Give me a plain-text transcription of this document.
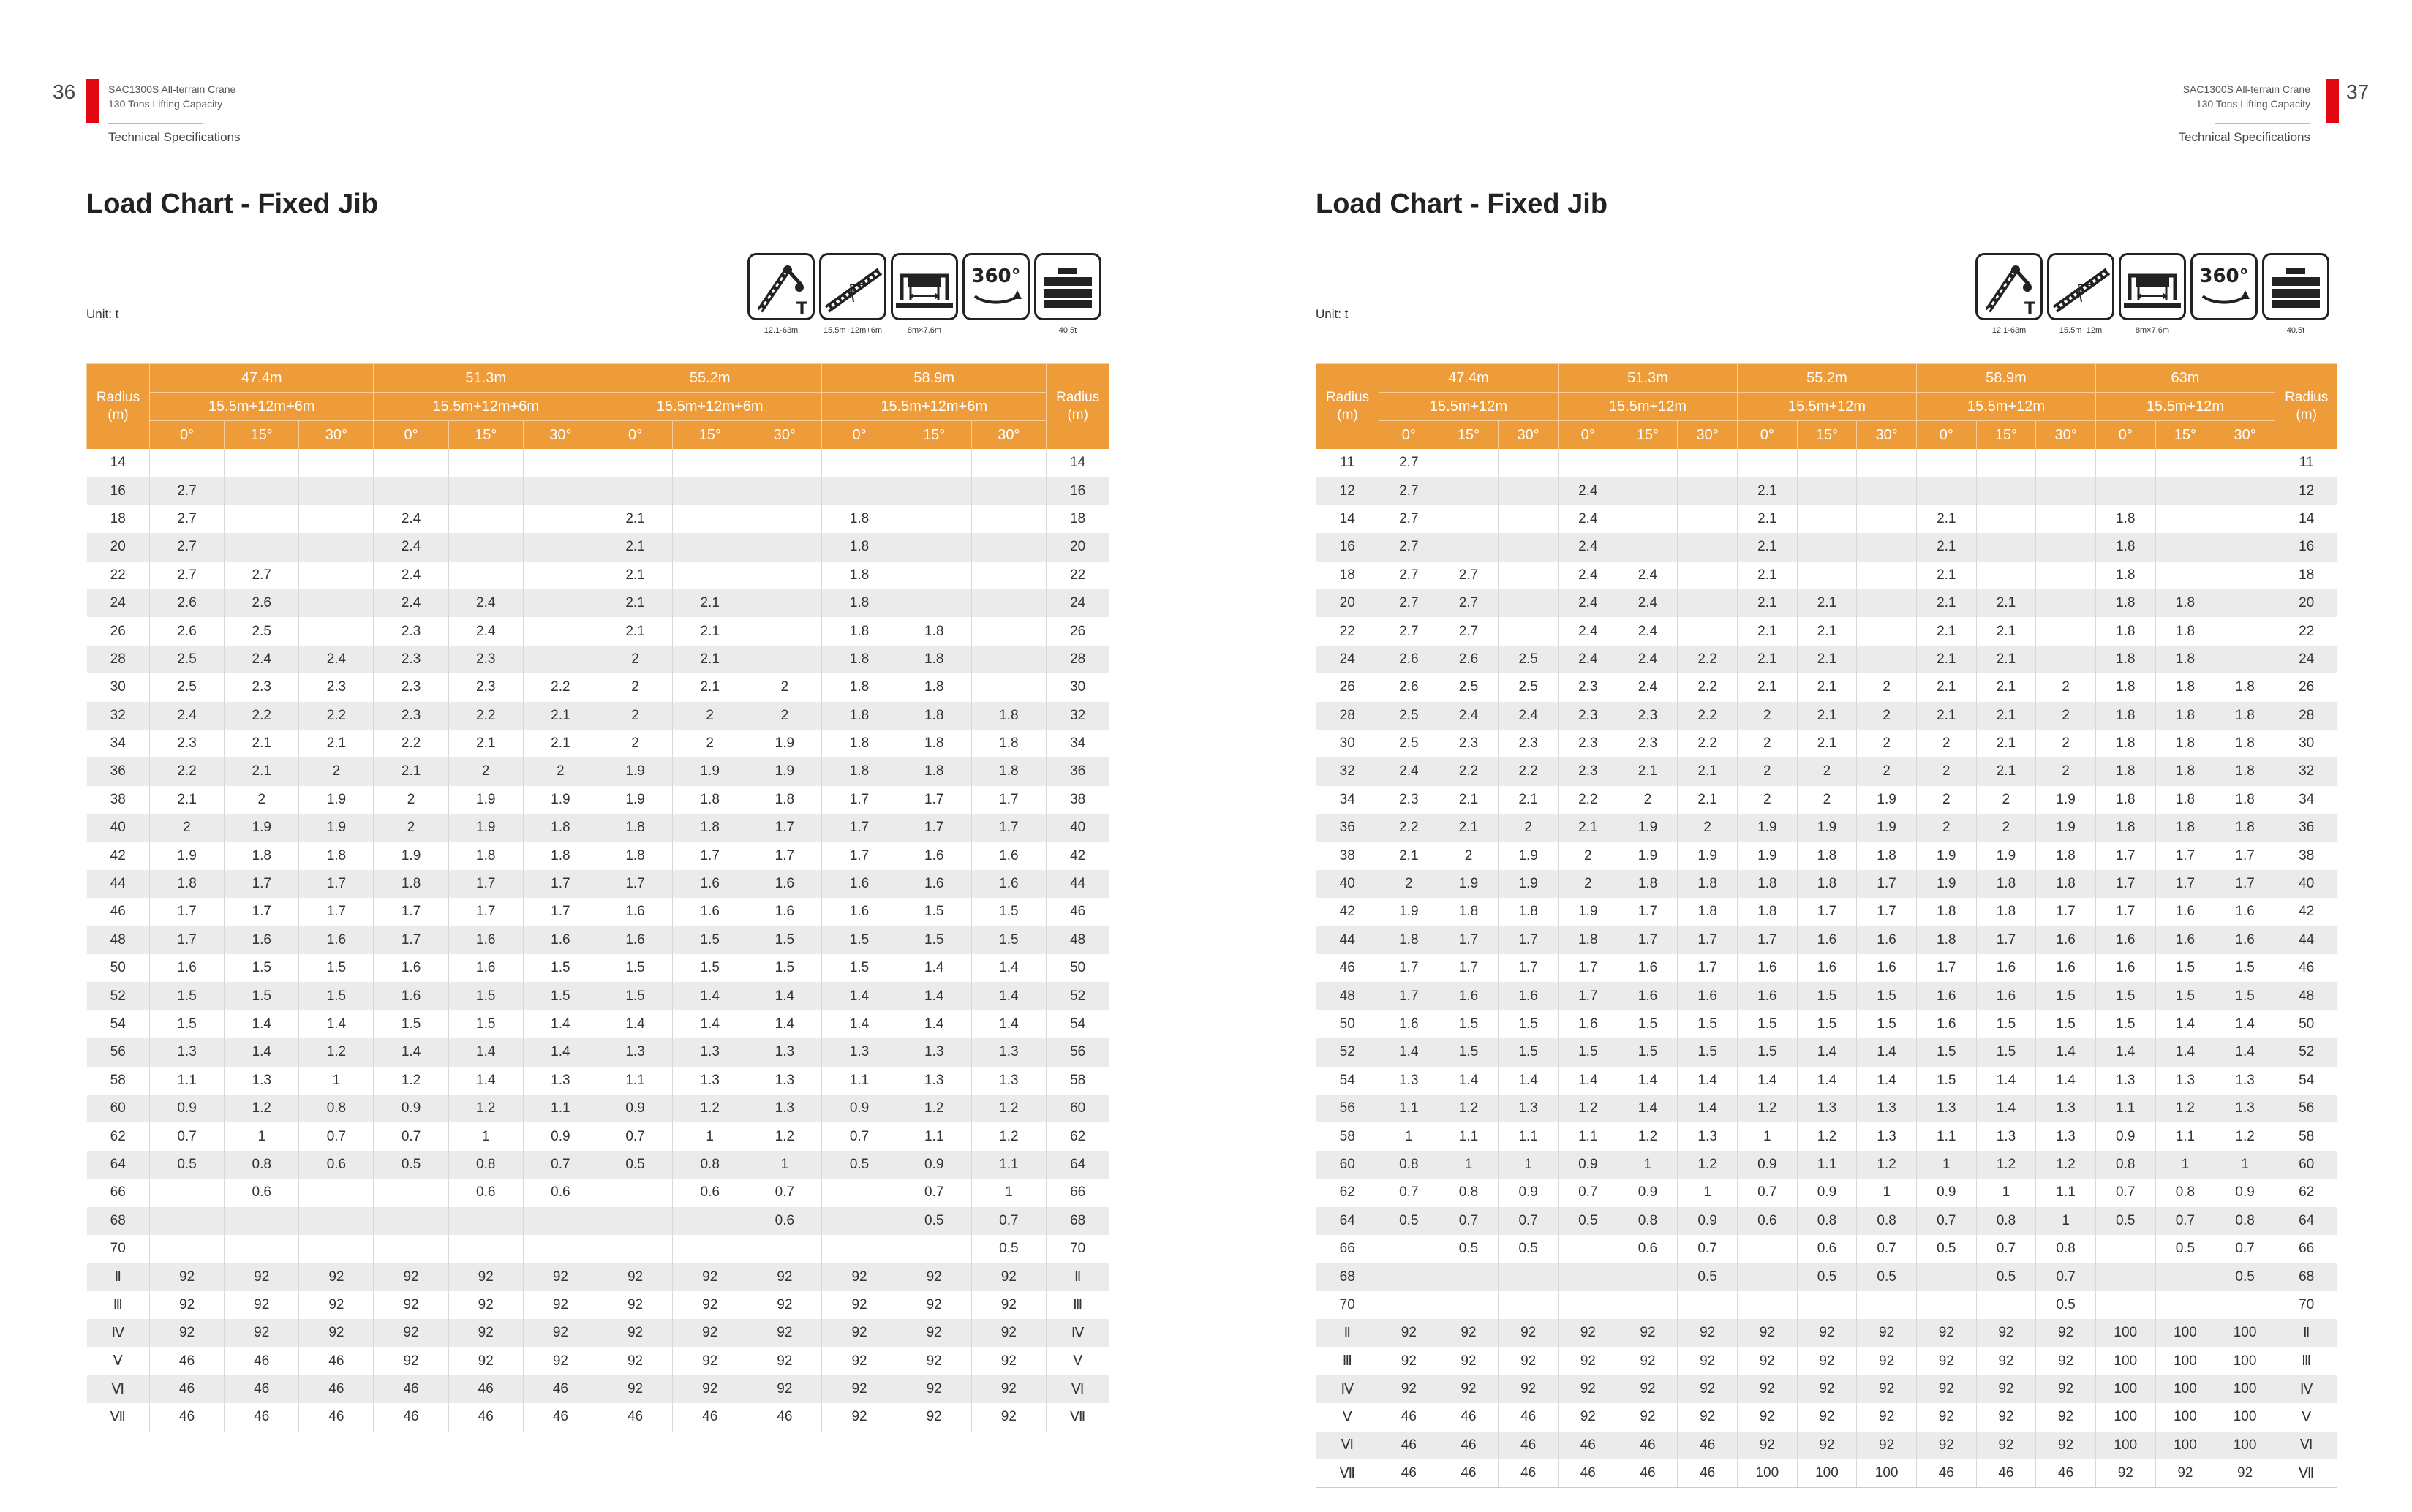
36	SAC1300S All-terrain Crane
130 Tons Lifting Capacity
Technical Specifications
Load Chart - Fixed Jib
Unit: t	T
12.1-63m	15.5m+12m+6m	8m×7.6m
360°
40.5t
Radius (m)	47.4m			51.3m			55.2m			58.9m			Radius (m)
	15.5m+12m+6m			15.5m+12m+6m			15.5m+12m+6m			15.5m+12m+6m			
	0°	15°	30°	0°	15°	30°	0°	15°	30°	0°	15°	30°	
14													14
16	2.7												16
18	2.7			2.4			2.1			1.8			18
20	2.7			2.4			2.1			1.8			20
22	2.7	2.7		2.4			2.1			1.8			22
24	2.6	2.6		2.4	2.4		2.1	2.1		1.8			24
26	2.6	2.5		2.3	2.4		2.1	2.1		1.8	1.8		26
28	2.5	2.4	2.4	2.3	2.3		2	2.1		1.8	1.8		28
30	2.5	2.3	2.3	2.3	2.3	2.2	2	2.1	2	1.8	1.8		30
32	2.4	2.2	2.2	2.3	2.2	2.1	2	2	2	1.8	1.8	1.8	32
34	2.3	2.1	2.1	2.2	2.1	2.1	2	2	1.9	1.8	1.8	1.8	34
36	2.2	2.1	2	2.1	2	2	1.9	1.9	1.9	1.8	1.8	1.8	36
38	2.1	2	1.9	2	1.9	1.9	1.9	1.8	1.8	1.7	1.7	1.7	38
40	2	1.9	1.9	2	1.9	1.8	1.8	1.8	1.7	1.7	1.7	1.7	40
42	1.9	1.8	1.8	1.9	1.8	1.8	1.8	1.7	1.7	1.7	1.6	1.6	42
44	1.8	1.7	1.7	1.8	1.7	1.7	1.7	1.6	1.6	1.6	1.6	1.6	44
46	1.7	1.7	1.7	1.7	1.7	1.7	1.6	1.6	1.6	1.6	1.5	1.5	46
48	1.7	1.6	1.6	1.7	1.6	1.6	1.6	1.5	1.5	1.5	1.5	1.5	48
50	1.6	1.5	1.5	1.6	1.6	1.5	1.5	1.5	1.5	1.5	1.4	1.4	50
52	1.5	1.5	1.5	1.6	1.5	1.5	1.5	1.4	1.4	1.4	1.4	1.4	52
54	1.5	1.4	1.4	1.5	1.5	1.4	1.4	1.4	1.4	1.4	1.4	1.4	54
56	1.3	1.4	1.2	1.4	1.4	1.4	1.3	1.3	1.3	1.3	1.3	1.3	56
58	1.1	1.3	1	1.2	1.4	1.3	1.1	1.3	1.3	1.1	1.3	1.3	58
60	0.9	1.2	0.8	0.9	1.2	1.1	0.9	1.2	1.3	0.9	1.2	1.2	60
62	0.7	1	0.7	0.7	1	0.9	0.7	1	1.2	0.7	1.1	1.2	62
64	0.5	0.8	0.6	0.5	0.8	0.7	0.5	0.8	1	0.5	0.9	1.1	64
66		0.6			0.6	0.6		0.6	0.7		0.7	1	66
68									0.6		0.5	0.7	68
70												0.5	70
Ⅱ	92	92	92	92	92	92	92	92	92	92	92	92	Ⅱ
Ⅲ	92	92	92	92	92	92	92	92	92	92	92	92	Ⅲ
Ⅳ	92	92	92	92	92	92	92	92	92	92	92	92	Ⅳ
Ⅴ	46	46	46	92	92	92	92	92	92	92	92	92	Ⅴ
Ⅵ	46	46	46	46	46	46	92	92	92	92	92	92	Ⅵ
Ⅶ	46	46	46	46	46	46	46	46	46	92	92	92	Ⅶ
37
SAC1300S All-terrain Crane
130 Tons Lifting Capacity
Technical Specifications
Load Chart - Fixed Jib
Unit: t	T
12.1-63m	15.5m+12m	8m×7.6m
360°
40.5t
Radius (m)	47.4m			51.3m			55.2m			58.9m			63m			Radius (m)
	15.5m+12m			15.5m+12m			15.5m+12m			15.5m+12m			15.5m+12m			
	0°	15°	30°	0°	15°	30°	0°	15°	30°	0°	15°	30°	0°	15°	30°	
11	2.7															11
12	2.7			2.4			2.1									12
14	2.7			2.4			2.1			2.1			1.8			14
16	2.7			2.4			2.1			2.1			1.8			16
18	2.7	2.7		2.4	2.4		2.1			2.1			1.8			18
20	2.7	2.7		2.4	2.4		2.1	2.1		2.1	2.1		1.8	1.8		20
22	2.7	2.7		2.4	2.4		2.1	2.1		2.1	2.1		1.8	1.8		22
24	2.6	2.6	2.5	2.4	2.4	2.2	2.1	2.1		2.1	2.1		1.8	1.8		24
26	2.6	2.5	2.5	2.3	2.4	2.2	2.1	2.1	2	2.1	2.1	2	1.8	1.8	1.8	26
28	2.5	2.4	2.4	2.3	2.3	2.2	2	2.1	2	2.1	2.1	2	1.8	1.8	1.8	28
30	2.5	2.3	2.3	2.3	2.3	2.2	2	2.1	2	2	2.1	2	1.8	1.8	1.8	30
32	2.4	2.2	2.2	2.3	2.1	2.1	2	2	2	2	2.1	2	1.8	1.8	1.8	32
34	2.3	2.1	2.1	2.2	2	2.1	2	2	1.9	2	2	1.9	1.8	1.8	1.8	34
36	2.2	2.1	2	2.1	1.9	2	1.9	1.9	1.9	2	2	1.9	1.8	1.8	1.8	36
38	2.1	2	1.9	2	1.9	1.9	1.9	1.8	1.8	1.9	1.9	1.8	1.7	1.7	1.7	38
40	2	1.9	1.9	2	1.8	1.8	1.8	1.8	1.7	1.9	1.8	1.8	1.7	1.7	1.7	40
42	1.9	1.8	1.8	1.9	1.7	1.8	1.8	1.7	1.7	1.8	1.8	1.7	1.7	1.6	1.6	42
44	1.8	1.7	1.7	1.8	1.7	1.7	1.7	1.6	1.6	1.8	1.7	1.6	1.6	1.6	1.6	44
46	1.7	1.7	1.7	1.7	1.6	1.7	1.6	1.6	1.6	1.7	1.6	1.6	1.6	1.5	1.5	46
48	1.7	1.6	1.6	1.7	1.6	1.6	1.6	1.5	1.5	1.6	1.6	1.5	1.5	1.5	1.5	48
50	1.6	1.5	1.5	1.6	1.5	1.5	1.5	1.5	1.5	1.6	1.5	1.5	1.5	1.4	1.4	50
52	1.4	1.5	1.5	1.5	1.5	1.5	1.5	1.4	1.4	1.5	1.5	1.4	1.4	1.4	1.4	52
54	1.3	1.4	1.4	1.4	1.4	1.4	1.4	1.4	1.4	1.5	1.4	1.4	1.3	1.3	1.3	54
56	1.1	1.2	1.3	1.2	1.4	1.4	1.2	1.3	1.3	1.3	1.4	1.3	1.1	1.2	1.3	56
58	1	1.1	1.1	1.1	1.2	1.3	1	1.2	1.3	1.1	1.3	1.3	0.9	1.1	1.2	58
60	0.8	1	1	0.9	1	1.2	0.9	1.1	1.2	1	1.2	1.2	0.8	1	1	60
62	0.7	0.8	0.9	0.7	0.9	1	0.7	0.9	1	0.9	1	1.1	0.7	0.8	0.9	62
64	0.5	0.7	0.7	0.5	0.8	0.9	0.6	0.8	0.8	0.7	0.8	1	0.5	0.7	0.8	64
66		0.5	0.5		0.6	0.7		0.6	0.7	0.5	0.7	0.8		0.5	0.7	66
68						0.5		0.5	0.5		0.5	0.7			0.5	68
70												0.5				70
Ⅱ	92	92	92	92	92	92	92	92	92	92	92	92	100	100	100	Ⅱ
Ⅲ	92	92	92	92	92	92	92	92	92	92	92	92	100	100	100	Ⅲ
Ⅳ	92	92	92	92	92	92	92	92	92	92	92	92	100	100	100	Ⅳ
Ⅴ	46	46	46	92	92	92	92	92	92	92	92	92	100	100	100	Ⅴ
Ⅵ	46	46	46	46	46	46	92	92	92	92	92	92	100	100	100	Ⅵ
Ⅶ	46	46	46	46	46	46	100	100	100	46	46	46	92	92	92	Ⅶ
